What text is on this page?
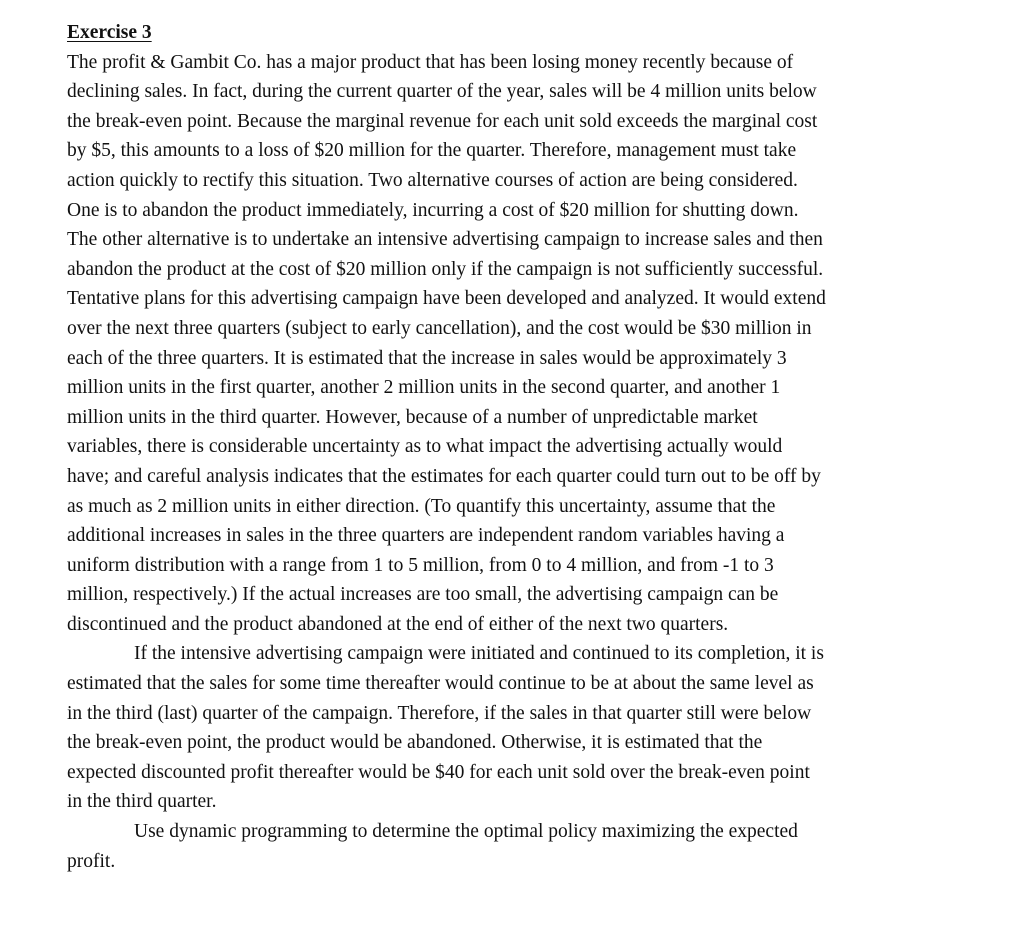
Exercise 3
The profit & Gambit Co. has a major product that has been losing money recently because of
declining sales. In fact, during the current quarter of the year, sales will be 4 million units below
the break-even point. Because the marginal revenue for each unit sold exceeds the marginal cost
by $5, this amounts to a loss of $20 million for the quarter. Therefore, management must take
action quickly to rectify this situation. Two alternative courses of action are being considered.
One is to abandon the product immediately, incurring a cost of $20 million for shutting down.
The other alternative is to undertake an intensive advertising campaign to increase sales and then
abandon the product at the cost of $20 million only if the campaign is not sufficiently successful.
Tentative plans for this advertising campaign have been developed and analyzed. It would extend
over the next three quarters (subject to early cancellation), and the cost would be $30 million in
each of the three quarters. It is estimated that the increase in sales would be approximately 3
million units in the first quarter, another 2 million units in the second quarter, and another 1
million units in the third quarter. However, because of a number of unpredictable market
variables, there is considerable uncertainty as to what impact the advertising actually would
have; and careful analysis indicates that the estimates for each quarter could turn out to be off by
as much as 2 million units in either direction. (To quantify this uncertainty, assume that the
additional increases in sales in the three quarters are independent random variables having a
uniform distribution with a range from 1 to 5 million, from 0 to 4 million, and from -1 to 3
million, respectively.) If the actual increases are too small, the advertising campaign can be
discontinued and the product abandoned at the end of either of the next two quarters.
If the intensive advertising campaign were initiated and continued to its completion, it is
estimated that the sales for some time thereafter would continue to be at about the same level as
in the third (last) quarter of the campaign. Therefore, if the sales in that quarter still were below
the break-even point, the product would be abandoned. Otherwise, it is estimated that the
expected discounted profit thereafter would be $40 for each unit sold over the break-even point
in the third quarter.
Use dynamic programming to determine the optimal policy maximizing the expected
profit.
